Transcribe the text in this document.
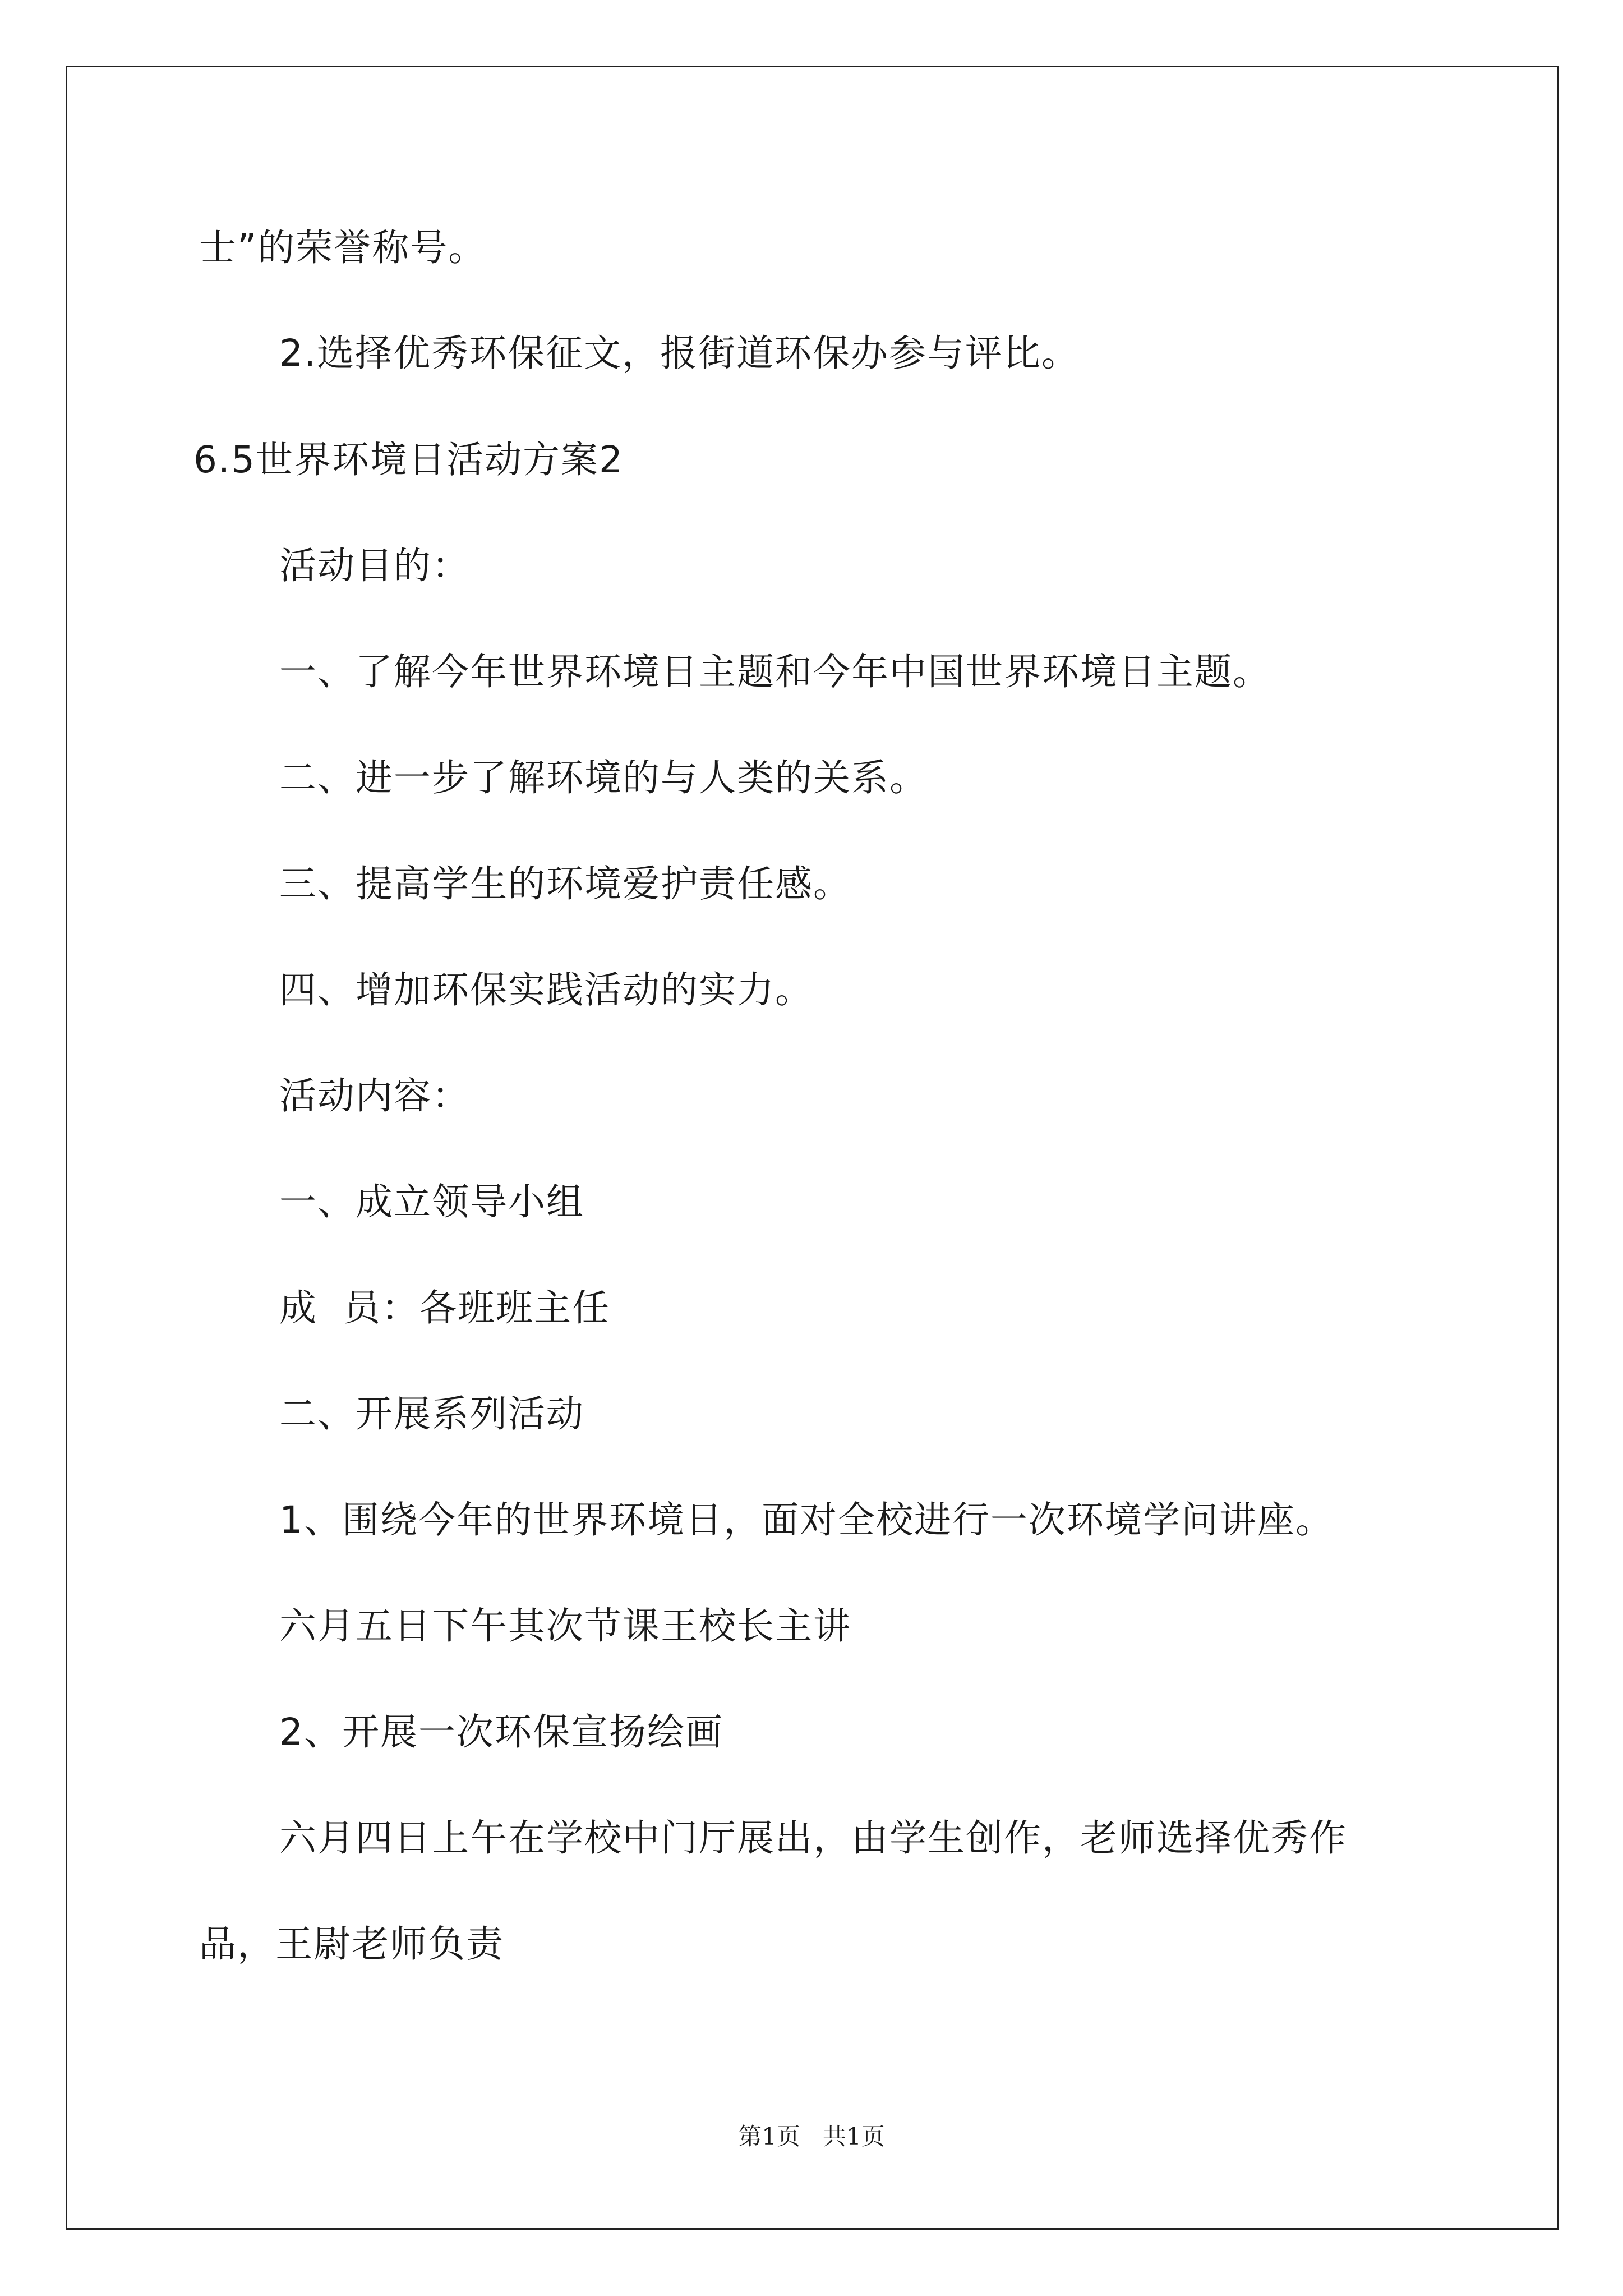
士”的荣誉称号。
2.选择优秀环保征文，报街道环保办参与评比。
6.5世界环境日活动方案2
活动目的：
一、了解今年世界环境日主题和今年中国世界环境日主题。
二、进一步了解环境的与人类的关系。
三、提高学生的环境爱护责任感。
四、增加环保实践活动的实力。
活动内容：
一、成立领导小组
成  员：各班班主任
二、开展系列活动
1、围绕今年的世界环境日，面对全校进行一次环境学问讲座。
六月五日下午其次节课王校长主讲
2、开展一次环保宣扬绘画
六月四日上午在学校中门厅展出，由学生创作，老师选择优秀作
品，王尉老师负责
第1页   共1页
